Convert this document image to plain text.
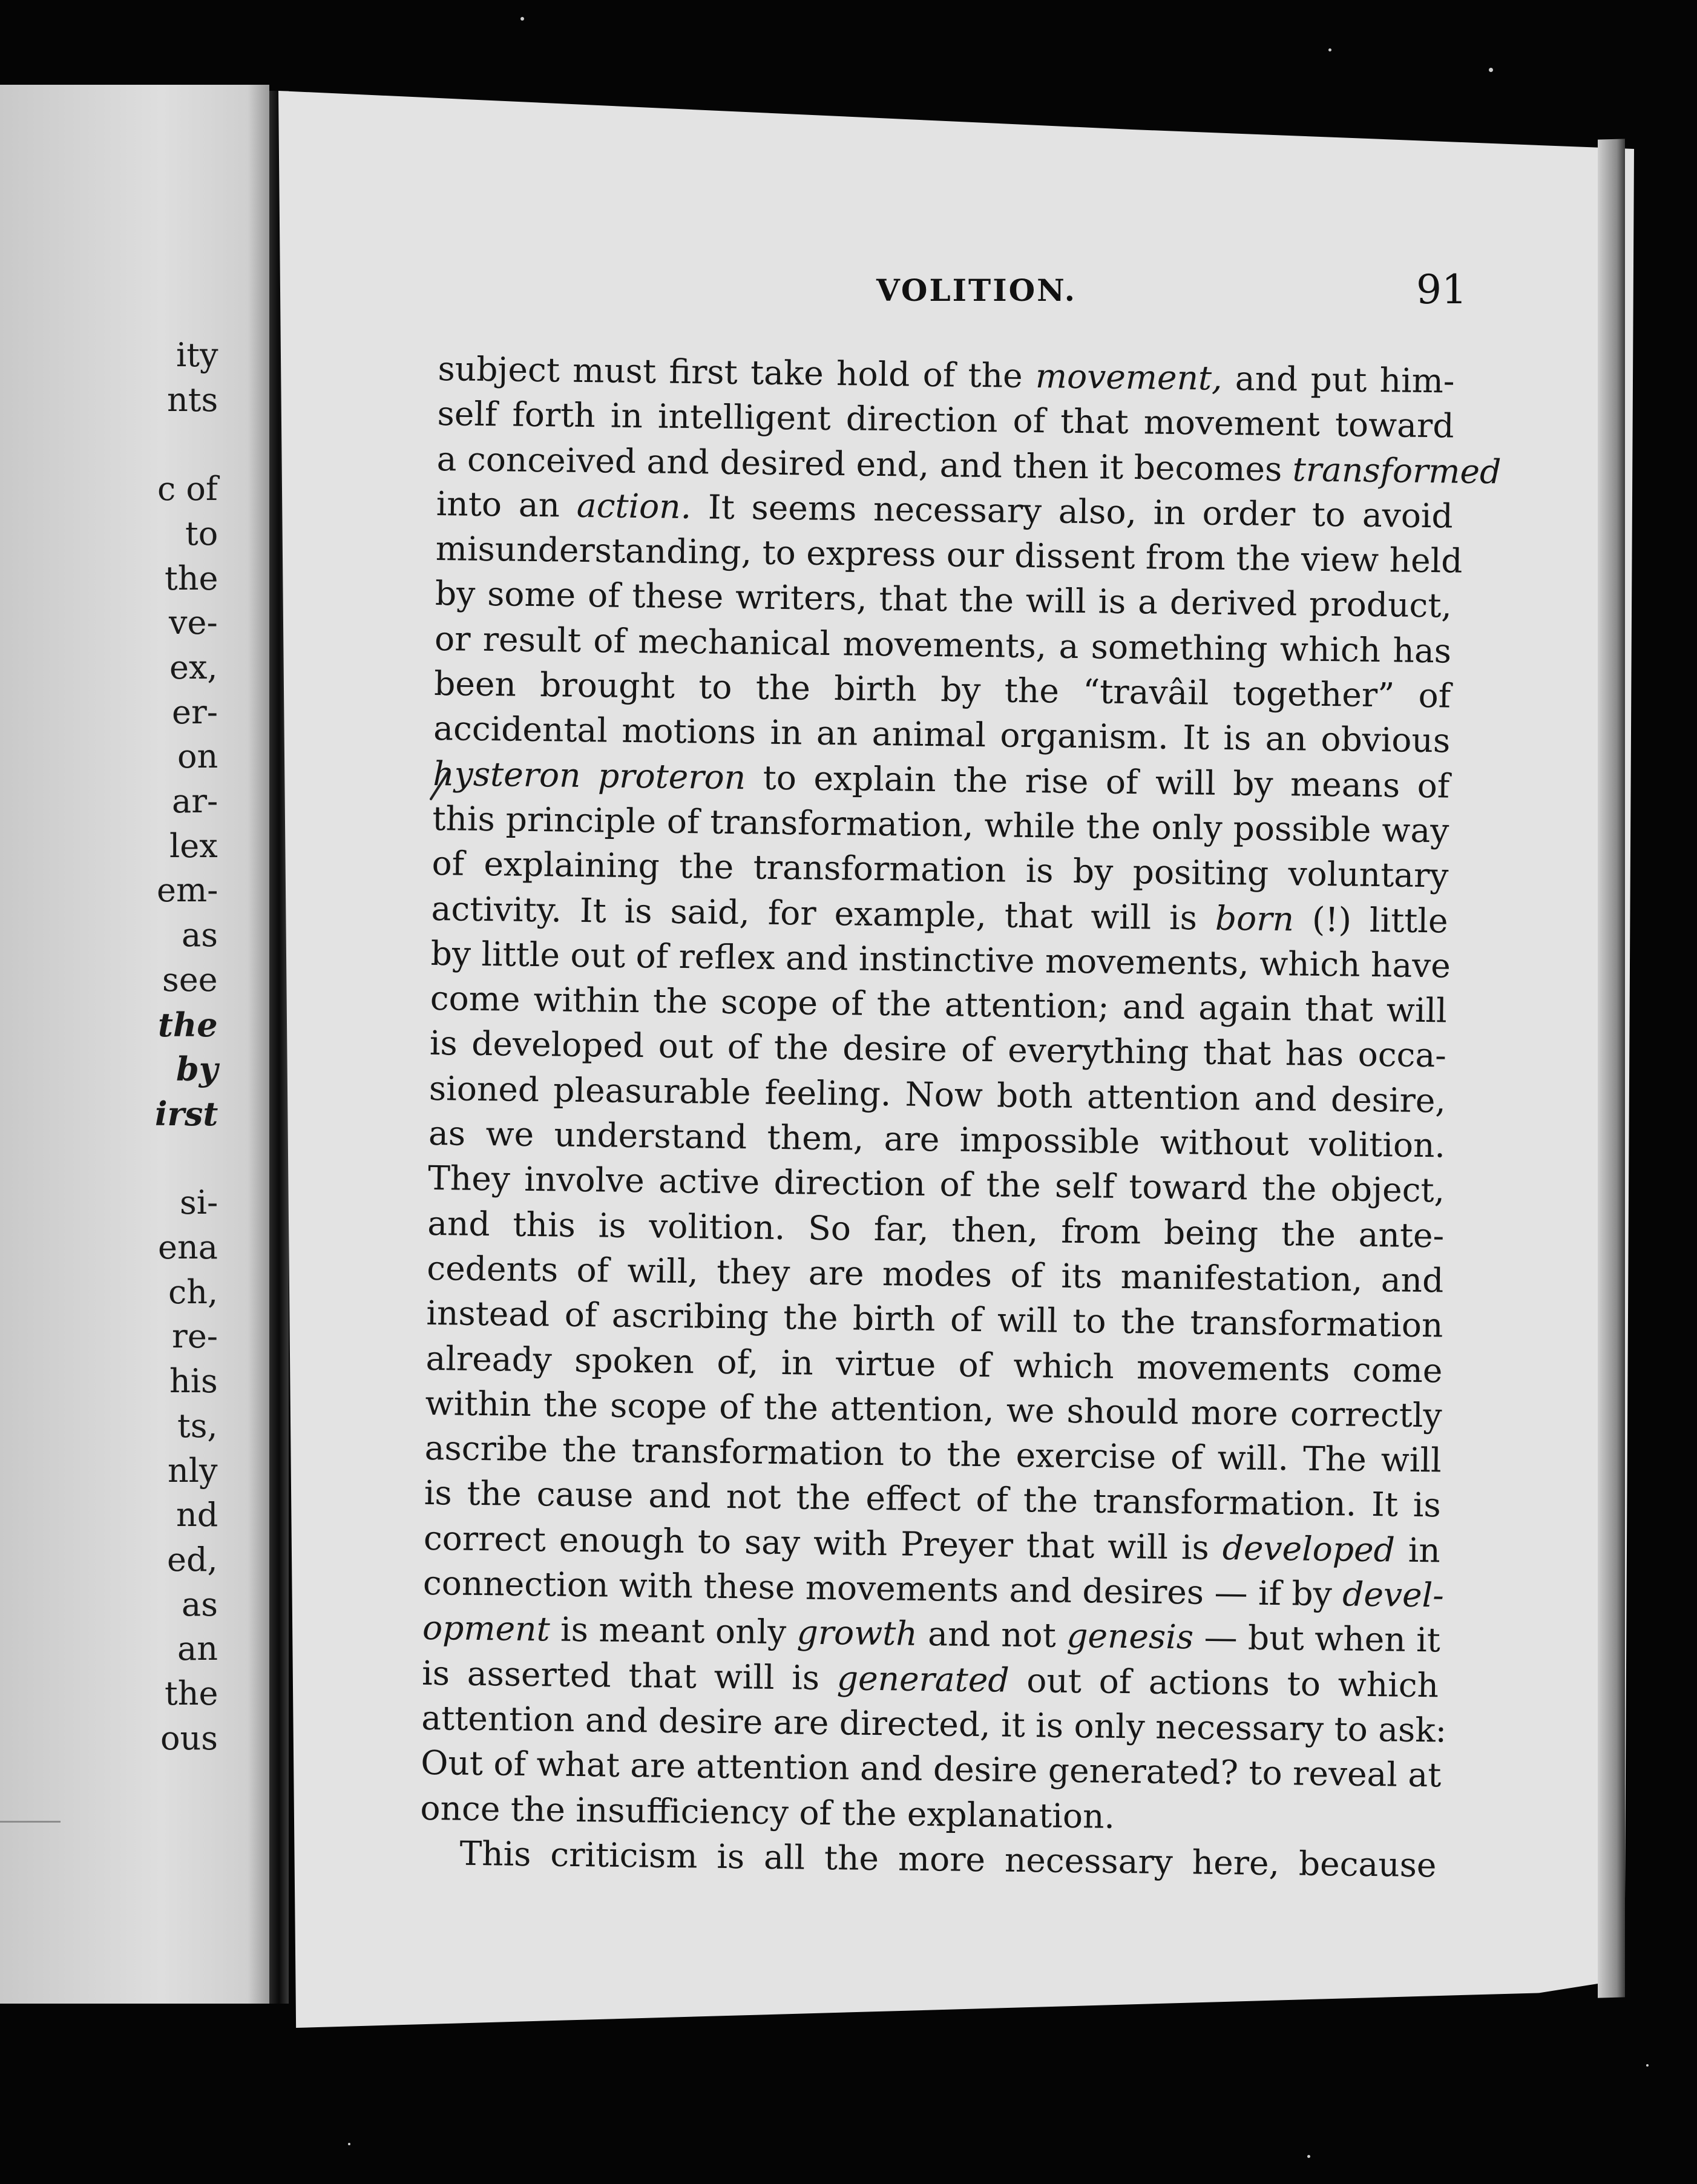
ity
nts
c of
to
the
ve-
ex,
er-
on
ar-
lex
em-
as
see
the
by
irst
si-
ena
ch,
re-
his
ts,
nly
nd
ed,
as
an
the
ous
VOLITION.	91
subject must first take hold of the movement, and put him-
self forth in intelligent direction of that movement toward
a conceived and desired end, and then it becomes transformed
into an action. It seems necessary also, in order to avoid
misunderstanding, to express our dissent from the view held
by some of these writers, that the will is a derived product,
or result of mechanical movements, a something which has
been brought to the birth by the “travâil together” of
accidental motions in an animal organism. It is an obvious
hysteron proteron to explain the rise of will by means of
this principle of transformation, while the only possible way
of explaining the transformation is by positing voluntary
activity. It is said, for example, that will is born (!) little
by little out of reflex and instinctive movements, which have
come within the scope of the attention; and again that will
is developed out of the desire of everything that has occa-
sioned pleasurable feeling. Now both attention and desire,
as we understand them, are impossible without volition.
They involve active direction of the self toward the object,
and this is volition. So far, then, from being the ante-
cedents of will, they are modes of its manifestation, and
instead of ascribing the birth of will to the transformation
already spoken of, in virtue of which movements come
within the scope of the attention, we should more correctly
ascribe the transformation to the exercise of will. The will
is the cause and not the effect of the transformation. It is
correct enough to say with Preyer that will is developed in
connection with these movements and desires — if by devel-
opment is meant only growth and not genesis — but when it
is asserted that will is generated out of actions to which
attention and desire are directed, it is only necessary to ask:
Out of what are attention and desire generated? to reveal at
once the insufficiency of the explanation.
This criticism is all the more necessary here, because
